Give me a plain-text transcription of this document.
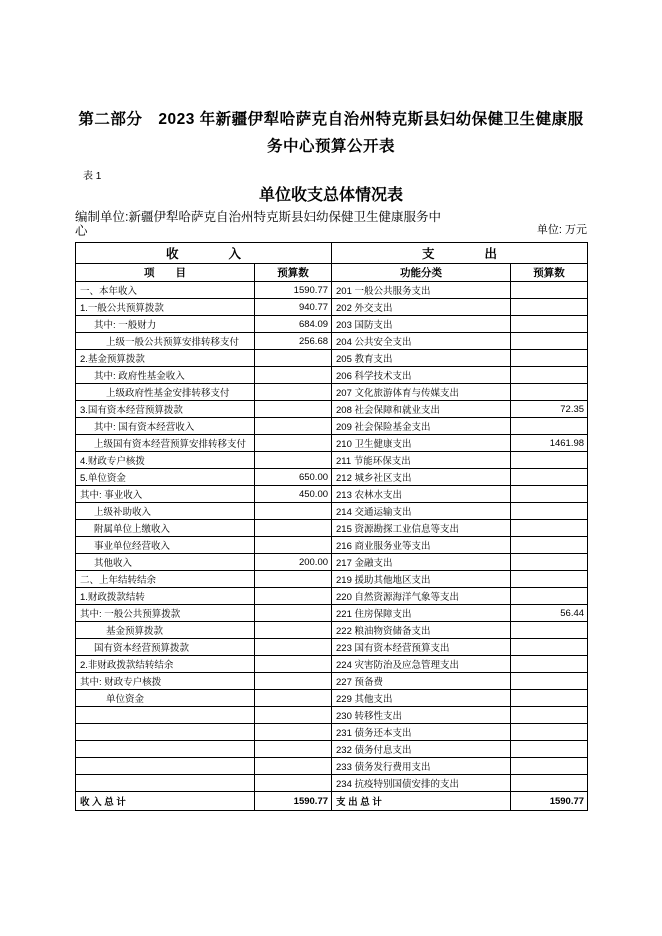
第二部分　2023 年新疆伊犁哈萨克自治州特克斯县妇幼保健卫生健康服务中心预算公开表
表 1
单位收支总体情况表
编制单位:新疆伊犁哈萨克自治州特克斯县妇幼保健卫生健康服务中心	单位: 万元
收　　　　入		支　　　　出	
项　　目	预算数	功能分类	预算数
一、本年收入	1590.77	201 一般公共服务支出	
1.一般公共预算拨款	940.77	202 外交支出	
其中: 一般财力	684.09	203 国防支出	
上级一般公共预算安排转移支付	256.68	204 公共安全支出	
2.基金预算拨款		205 教育支出	
其中: 政府性基金收入		206 科学技术支出	
上级政府性基金安排转移支付		207 文化旅游体育与传媒支出	
3.国有资本经营预算拨款		208 社会保障和就业支出	72.35
其中: 国有资本经营收入		209 社会保险基金支出	
上级国有资本经营预算安排转移支付		210 卫生健康支出	1461.98
4.财政专户核拨		211 节能环保支出	
5.单位资金	650.00	212 城乡社区支出	
其中: 事业收入	450.00	213 农林水支出	
上级补助收入		214 交通运输支出	
附属单位上缴收入		215 资源勘探工业信息等支出	
事业单位经营收入		216 商业服务业等支出	
其他收入	200.00	217 金融支出	
二、上年结转结余		219 援助其他地区支出	
1.财政拨款结转		220 自然资源海洋气象等支出	
其中: 一般公共预算拨款		221 住房保障支出	56.44
基金预算拨款		222 粮油物资储备支出	
国有资本经营预算拨款		223 国有资本经营预算支出	
2.非财政拨款结转结余		224 灾害防治及应急管理支出	
其中: 财政专户核拨		227 预备费	
单位资金		229 其他支出	
		230 转移性支出	
		231 债务还本支出	
		232 债务付息支出	
		233 债务发行费用支出	
		234 抗疫特别国债安排的支出	
收 入 总 计	1590.77	支 出 总 计	1590.77
